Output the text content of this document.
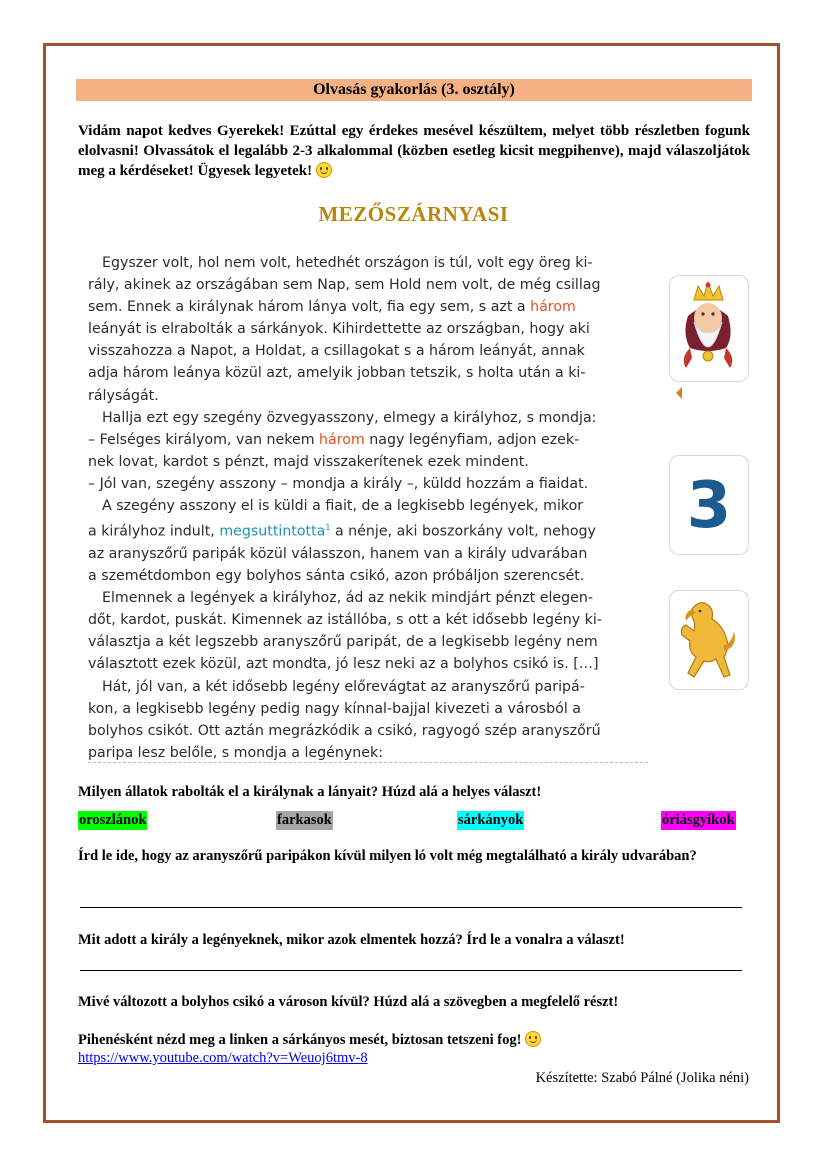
Olvasás gyakorlás (3. osztály)
Vidám napot kedves Gyerekek! Ezúttal egy érdekes mesével készültem, melyet több részletben fogunk elolvasni! Olvassátok el legalább 2-3 alkalommal (közben esetleg kicsit megpihenve), majd válaszoljátok meg a kérdéseket! Ügyesek legyetek!
MEZŐSZÁRNYASI
Egyszer volt, hol nem volt, hetedhét országon is túl, volt egy öreg ki-
rály, akinek az országában sem Nap, sem Hold nem volt, de még csillag
sem. Ennek a királynak három lánya volt, fia egy sem, s azt a három
leányát is elrabolták a sárkányok. Kihirdettette az országban, hogy aki
visszahozza a Napot, a Holdat, a csillagokat s a három leányát, annak
adja három leánya közül azt, amelyik jobban tetszik, s holta után a ki-
rályságát.
Hallja ezt egy szegény özvegyasszony, elmegy a királyhoz, s mondja:
– Felséges királyom, van nekem három nagy legényfiam, adjon ezek-
nek lovat, kardot s pénzt, majd visszakerítenek ezek mindent.
– Jól van, szegény asszony – mondja a király –, küldd hozzám a fiaidat.
A szegény asszony el is küldi a fiait, de a legkisebb legények, mikor
a királyhoz indult, megsuttintotta$^1$ a nénje, aki boszorkány volt, nehogy
az aranyszőrű paripák közül válasszon, hanem van a király udvarában
a szemétdombon egy bolyhos sánta csikó, azon próbáljon szerencsét.
Elmennek a legények a királyhoz, ád az nekik mindjárt pénzt elegen-
dőt, kardot, puskát. Kimennek az istállóba, s ott a két idősebb legény ki-
választja a két legszebb aranyszőrű paripát, de a legkisebb legény nem
választott ezek közül, azt mondta, jó lesz neki az a bolyhos csikó is. […]
Hát, jól van, a két idősebb legény előrevágtat az aranyszőrű paripá-
kon, a legkisebb legény pedig nagy kínnal-bajjal kivezeti a városból a
bolyhos csikót. Ott aztán megrázkódik a csikó, ragyogó szép aranyszőrű
paripa lesz belőle, s mondja a legénynek:
3
Milyen állatok rabolták el a királynak a lányait? Húzd alá a helyes választ!
oroszlánok	farkasok	sárkányok	óriásgyíkok
Írd le ide, hogy az aranyszőrű paripákon kívül milyen ló volt még megtalálható a király udvarában?
Mit adott a király a legényeknek, mikor azok elmentek hozzá? Írd le a vonalra a választ!
Mivé változott a bolyhos csikó a városon kívül? Húzd alá a szövegben a megfelelő részt!
Pihenésként nézd meg a linken a sárkányos mesét, biztosan tetszeni fog!
https://www.youtube.com/watch?v=Weuoj6tmv-8
Készítette: Szabó Pálné (Jolika néni)
